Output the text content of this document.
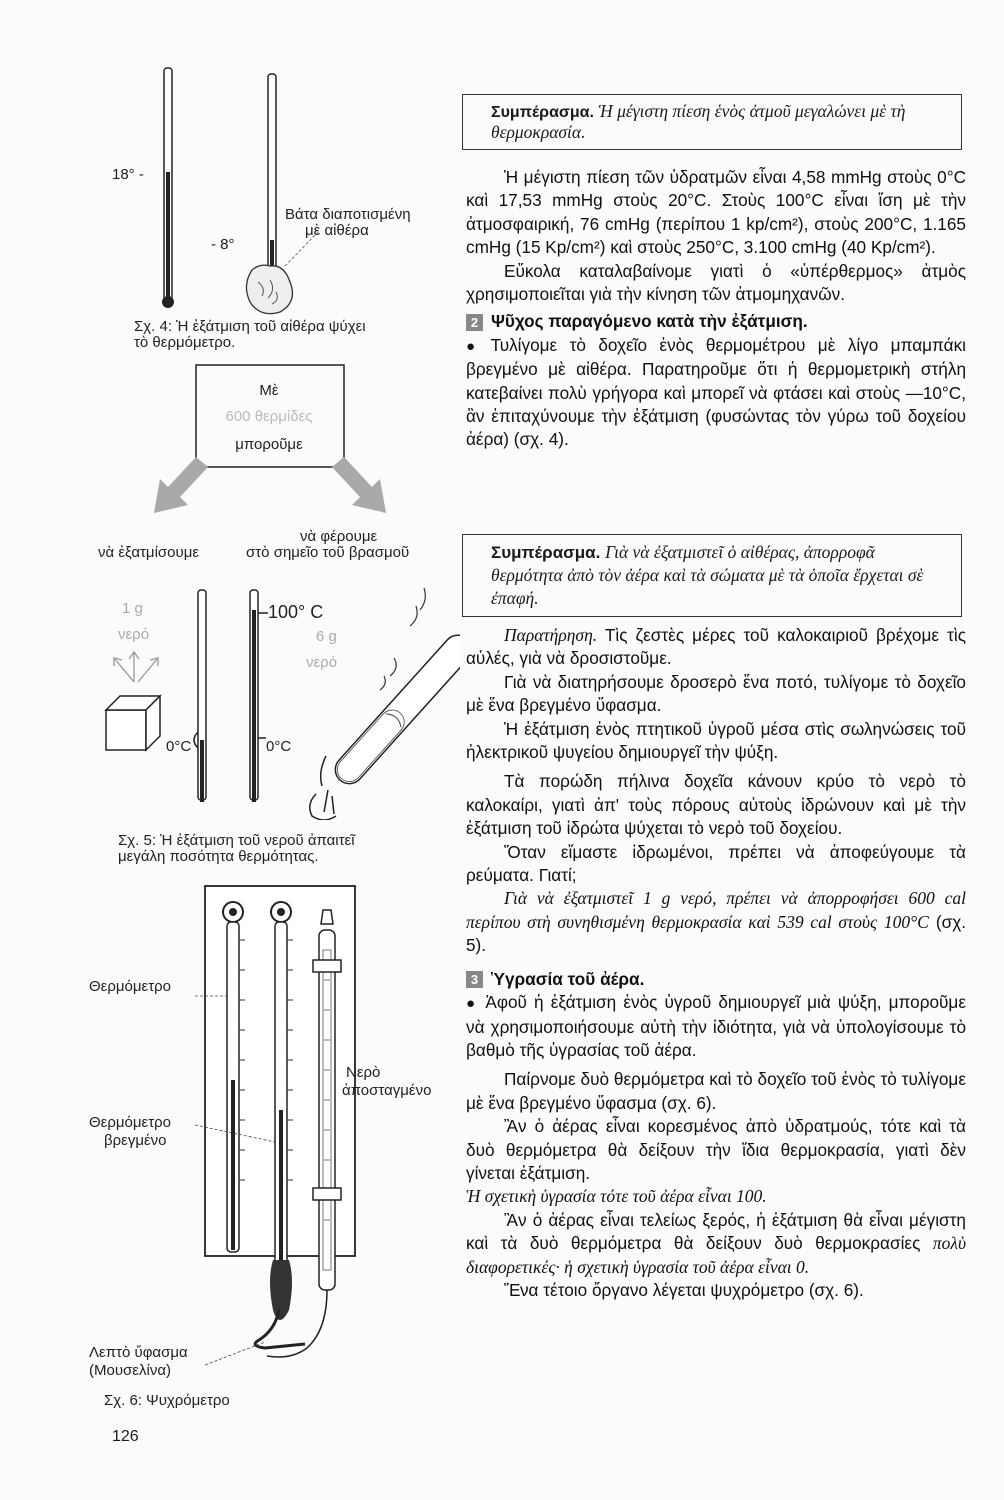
18° -
- 8°
Βάτα διαποτισμένη
μὲ αἰθέρα
Σχ. 4: Ἡ ἐξάτμιση τοῦ αἰθέρα ψύχει
τὸ θερμόμετρο.
Μὲ
600 θερμίδες
μποροῦμε
νὰ ἐξατμίσουμε
νὰ φέρουμε
στὸ σημεῖο τοῦ βρασμοῦ
1 g
νερό	6 g
νερό
100° C
0°C	0°C
Σχ. 5: Ἡ ἐξάτμιση τοῦ νεροῦ ἀπαιτεῖ
μεγάλη ποσότητα θερμότητας.
Θερμόμετρο
Νερὸ
ἀποσταγμένο
Θερμόμετρο
βρεγμένο
Λεπτὸ ὕφασμα
(Μουσελίνα)
Σχ. 6: Ψυχρόμετρο
126
Συμπέρασμα. Ἡ μέγιστη πίεση ἑνὸς ἀτμοῦ μεγαλώνει μὲ τὴ θερμοκρασία.

Ἡ μέγιστη πίεση τῶν ὑδρατμῶν εἶναι 4,58 mmHg στοὺς 0°C καὶ 17,53 mmHg στοὺς 20°C. Στοὺς 100°C εἶναι ἴση μὲ τὴν ἀτμοσφαιρική, 76 cmHg (περίπου 1 kp/cm²), στοὺς 200°C, 1.165 cmHg (15 Kp/cm²) καὶ στοὺς 250°C, 3.100 cmHg (40 Kp/cm²).

Εὔκολα καταλαβαίνομε γιατὶ ὁ «ὑπέρθερμος» ἀτμὸς χρησιμοποιεῖται γιὰ τὴν κίνηση τῶν ἀτμομηχανῶν.

2 Ψῦχος παραγόμενο κατὰ τὴν ἐξάτμιση.

● Τυλίγομε τὸ δοχεῖο ἑνὸς θερμομέτρου μὲ λίγο μπαμπάκι βρεγμένο μὲ αἰθέρα. Παρατηροῦμε ὅτι ἡ θερμομετρικὴ στήλη κατεβαίνει πολὺ γρήγορα καὶ μπορεῖ νὰ φτάσει καὶ στοὺς —10°C, ἂν ἐπιταχύνουμε τὴν ἐξάτμιση (φυσώντας τὸν γύρω τοῦ δοχείου ἀέρα) (σχ. 4).

Συμπέρασμα. Γιὰ νὰ ἐξατμιστεῖ ὁ αἰθέρας, ἀπορροφᾶ θερμότητα ἀπὸ τὸν ἀέρα καὶ τὰ σώματα μὲ τὰ ὁποῖα ἔρχεται σὲ ἐπαφή.

Παρατήρηση. Τὶς ζεστὲς μέρες τοῦ καλοκαιριοῦ βρέχομε τὶς αὐλές, γιὰ νὰ δροσιστοῦμε.

Γιὰ νὰ διατηρήσουμε δροσερὸ ἕνα ποτό, τυλίγομε τὸ δοχεῖο μὲ ἕνα βρεγμένο ὕφασμα.

Ἡ ἐξάτμιση ἑνὸς πτητικοῦ ὑγροῦ μέσα στὶς σωληνώσεις τοῦ ἠλεκτρικοῦ ψυγείου δημιουργεῖ τὴν ψύξη.

Τὰ πορώδη πήλινα δοχεῖα κάνουν κρύο τὸ νερὸ τὸ καλοκαίρι, γιατὶ ἀπ' τοὺς πόρους αὐτοὺς ἱδρώνουν καὶ μὲ τὴν ἐξάτμιση τοῦ ἱδρώτα ψύχεται τὸ νερὸ τοῦ δοχείου.

Ὅταν εἴμαστε ἱδρωμένοι, πρέπει νὰ ἀποφεύγουμε τὰ ρεύματα. Γιατί;

Γιὰ νὰ ἐξατμιστεῖ 1 g νερό, πρέπει νὰ ἀπορροφήσει 600 cal περίπου στὴ συνηθισμένη θερμοκρασία καὶ 539 cal στοὺς 100°C (σχ. 5).

3 Ὑγρασία τοῦ ἀέρα.

● Ἀφοῦ ἡ ἐξάτμιση ἑνὸς ὑγροῦ δημιουργεῖ μιὰ ψύξη, μποροῦμε νὰ χρησιμοποιήσουμε αὐτὴ τὴν ἰδιότητα, γιὰ νὰ ὑπολογίσουμε τὸ βαθμὸ τῆς ὑγρασίας τοῦ ἀέρα.

Παίρνομε δυὸ θερμόμετρα καὶ τὸ δοχεῖο τοῦ ἑνὸς τὸ τυλίγομε μὲ ἕνα βρεγμένο ὕφασμα (σχ. 6).

Ἂν ὁ ἀέρας εἶναι κορεσμένος ἀπὸ ὑδρατμούς, τότε καὶ τὰ δυὸ θερμόμετρα θὰ δείξουν τὴν ἴδια θερμοκρασία, γιατὶ δὲν γίνεται ἐξάτμιση.

Ἡ σχετικὴ ὑγρασία τότε τοῦ ἀέρα εἶναι 100.

Ἂν ὁ ἀέρας εἶναι τελείως ξερός, ἡ ἐξάτμιση θὰ εἶναι μέγιστη καὶ τὰ δυὸ θερμόμετρα θὰ δείξουν δυὸ θερμοκρασίες πολὺ διαφορετικές· ἡ σχετικὴ ὑγρασία τοῦ ἀέρα εἶναι 0.

Ἕνα τέτοιο ὄργανο λέγεται ψυχρόμετρο (σχ. 6).
